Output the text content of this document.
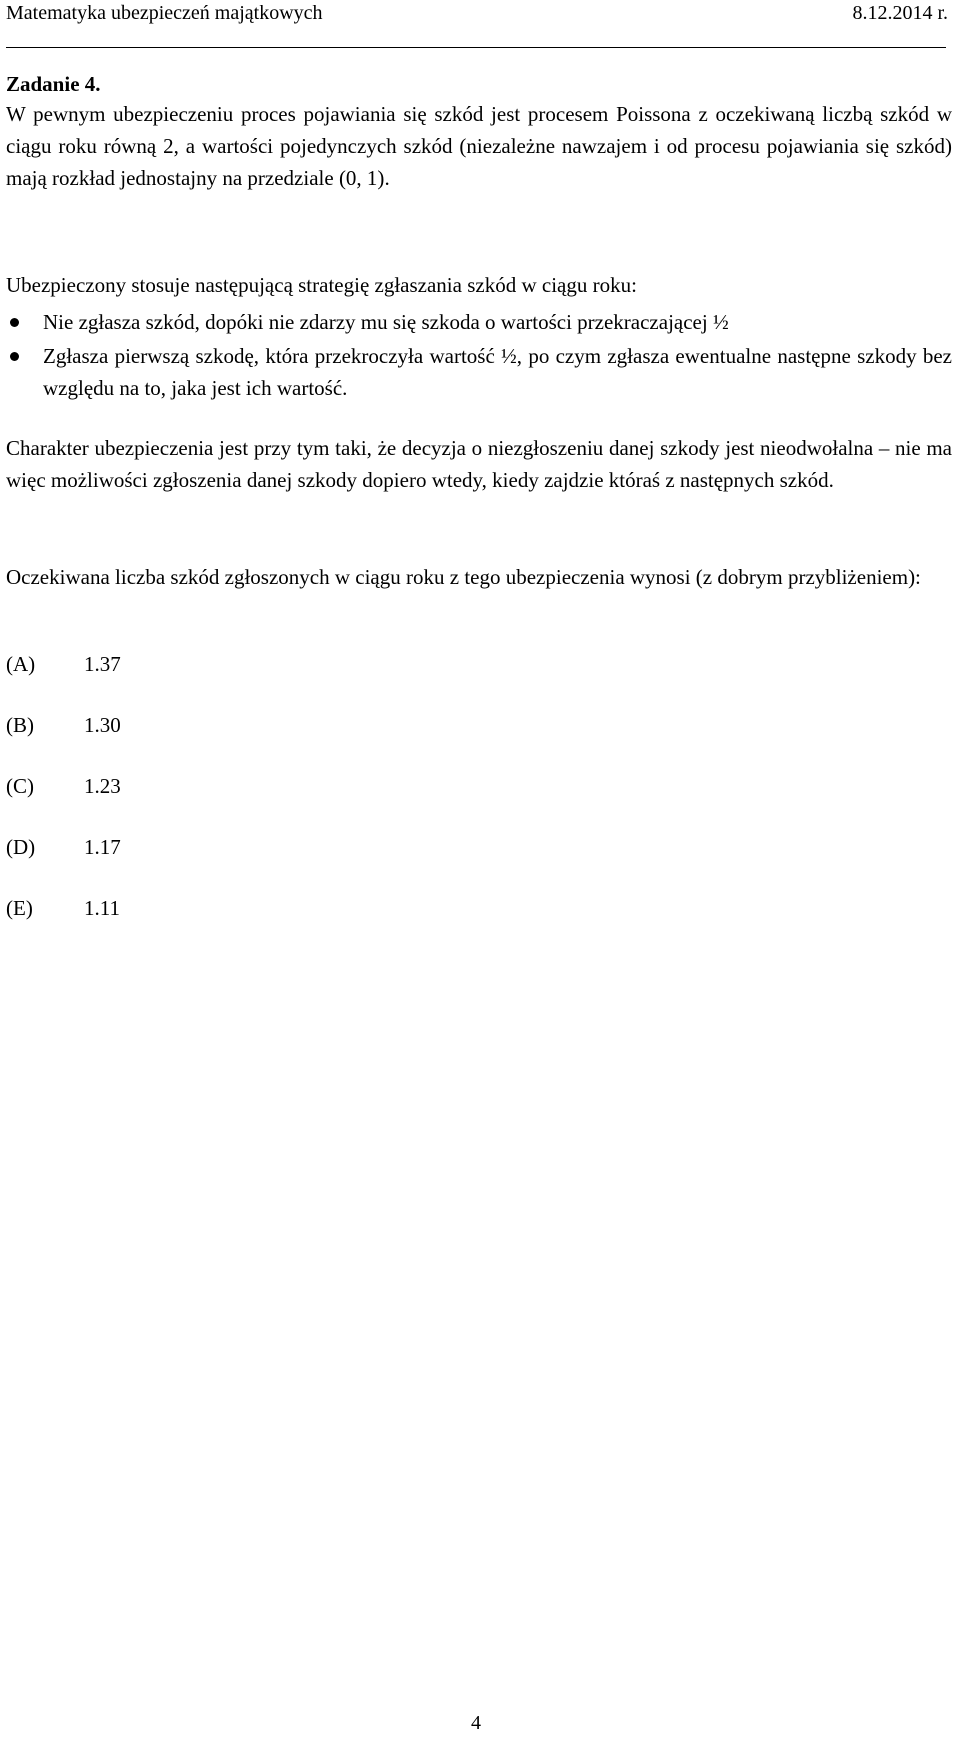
Matematyka ubezpieczeń majątkowych	8.12.2014 r.
Zadanie 4.

W pewnym ubezpieczeniu proces pojawiania się szkód jest procesem Poissona z oczekiwaną liczbą szkód w ciągu roku równą 2, a wartości pojedynczych szkód (niezależne nawzajem i od procesu pojawiania się szkód) mają rozkład jednostajny na przedziale (0, 1).

Ubezpieczony stosuje następującą strategię zgłaszania szkód w ciągu roku:

Nie zgłasza szkód, dopóki nie zdarzy mu się szkoda o wartości przekraczającej ½
Zgłasza pierwszą szkodę, która przekroczyła wartość ½, po czym zgłasza ewentualne następne szkody bez względu na to, jaka jest ich wartość.

Charakter ubezpieczenia jest przy tym taki, że decyzja o niezgłoszeniu danej szkody jest nieodwołalna – nie ma więc możliwości zgłoszenia danej szkody dopiero wtedy, kiedy zajdzie któraś z następnych szkód.

Oczekiwana liczba szkód zgłoszonych w ciągu roku z tego ubezpieczenia wynosi (z dobrym przybliżeniem):

(A) 1.37
(B) 1.30
(C) 1.23
(D) 1.17
(E) 1.11
4
